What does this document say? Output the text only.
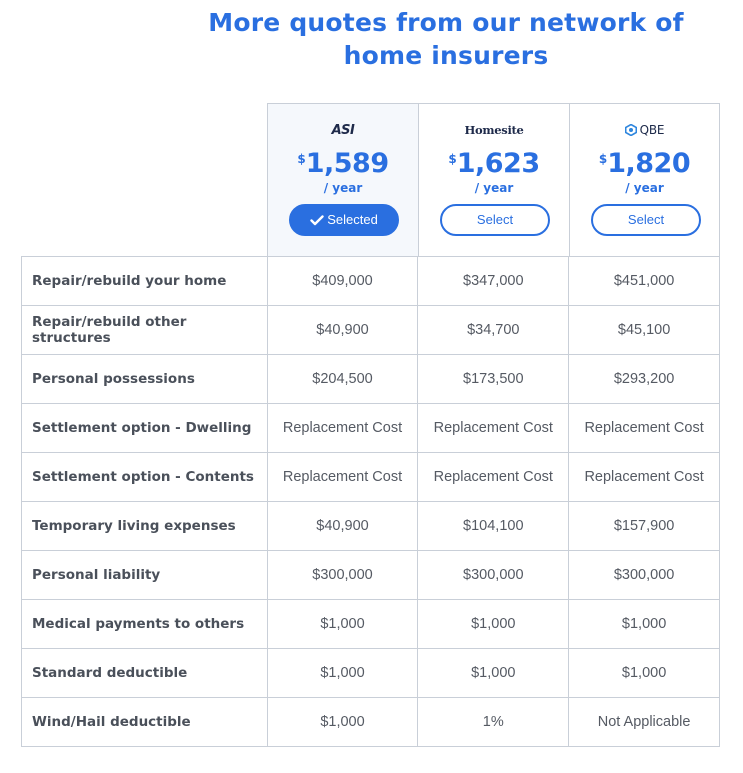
More quotes from our network of home insurers
ASI
$1,589
/ year
Selected
Homesite
$1,623
/ year
Select
QBE
$1,820
/ year
Select
Repair/rebuild your home	$409,000	$347,000	$451,000
Repair/rebuild other structures	$40,900	$34,700	$45,100
Personal possessions	$204,500	$173,500	$293,200
Settlement option - Dwelling	Replacement Cost	Replacement Cost	Replacement Cost
Settlement option - Contents	Replacement Cost	Replacement Cost	Replacement Cost
Temporary living expenses	$40,900	$104,100	$157,900
Personal liability	$300,000	$300,000	$300,000
Medical payments to others	$1,000	$1,000	$1,000
Standard deductible	$1,000	$1,000	$1,000
Wind/Hail deductible	$1,000	1%	Not Applicable
